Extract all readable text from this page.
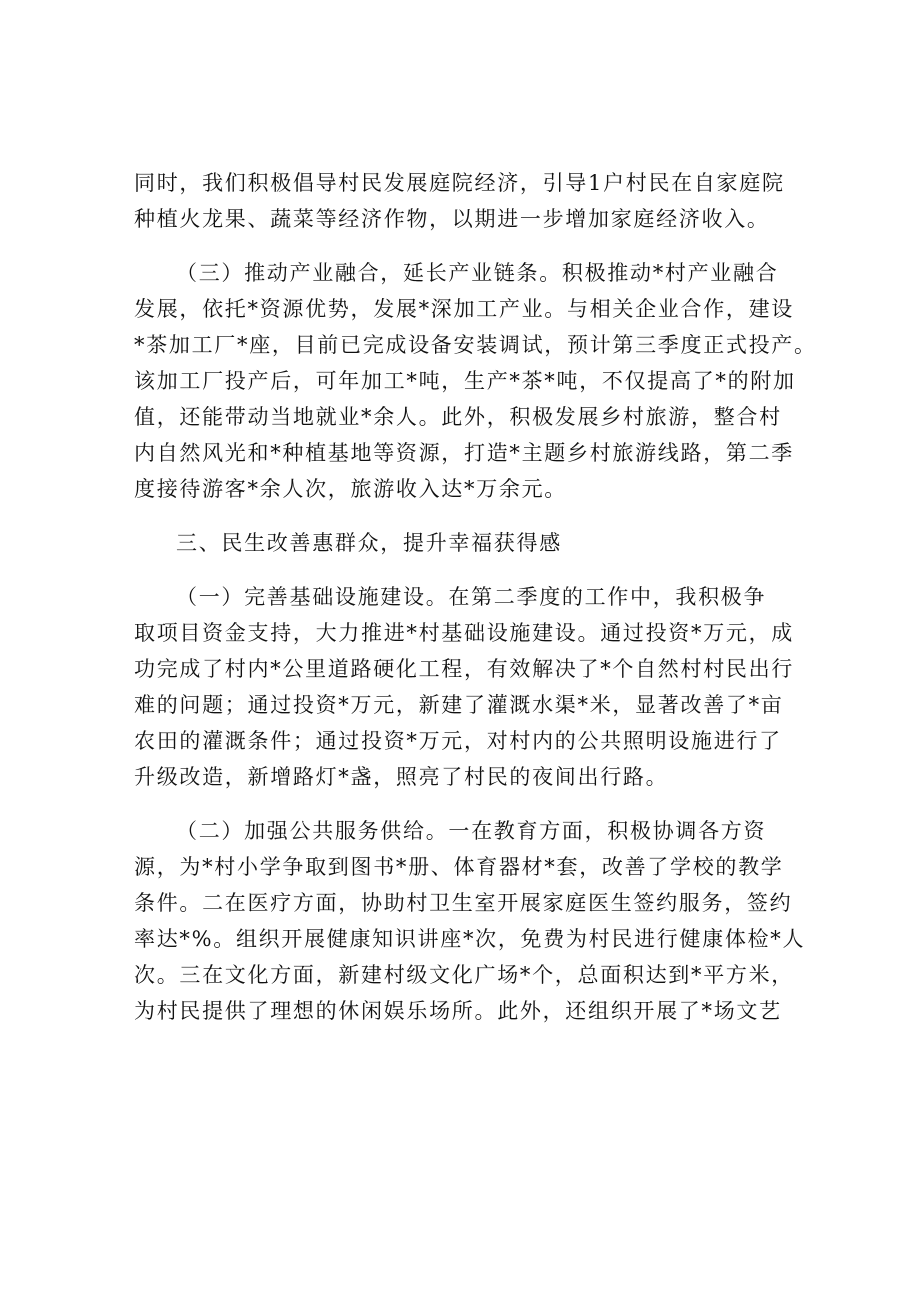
同时，我们积极倡导村民发展庭院经济，引导1户村民在自家庭院
种植火龙果、蔬菜等经济作物，以期进一步增加家庭经济收入。

（三）推动产业融合，延长产业链条。积极推动*村产业融合
发展，依托*资源优势，发展*深加工产业。与相关企业合作，建设
*茶加工厂*座，目前已完成设备安装调试，预计第三季度正式投产。
该加工厂投产后，可年加工*吨，生产*茶*吨，不仅提高了*的附加
值，还能带动当地就业*余人。此外，积极发展乡村旅游，整合村
内自然风光和*种植基地等资源，打造*主题乡村旅游线路，第二季
度接待游客*余人次，旅游收入达*万余元。

三、民生改善惠群众，提升幸福获得感

（一）完善基础设施建设。在第二季度的工作中，我积极争
取项目资金支持，大力推进*村基础设施建设。通过投资*万元，成
功完成了村内*公里道路硬化工程，有效解决了*个自然村村民出行
难的问题；通过投资*万元，新建了灌溉水渠*米，显著改善了*亩
农田的灌溉条件；通过投资*万元，对村内的公共照明设施进行了
升级改造，新增路灯*盏，照亮了村民的夜间出行路。

（二）加强公共服务供给。一在教育方面，积极协调各方资
源，为*村小学争取到图书*册、体育器材*套，改善了学校的教学
条件。二在医疗方面，协助村卫生室开展家庭医生签约服务，签约
率达*%。组织开展健康知识讲座*次，免费为村民进行健康体检*人
次。三在文化方面，新建村级文化广场*个，总面积达到*平方米，
为村民提供了理想的休闲娱乐场所。此外，还组织开展了*场文艺
